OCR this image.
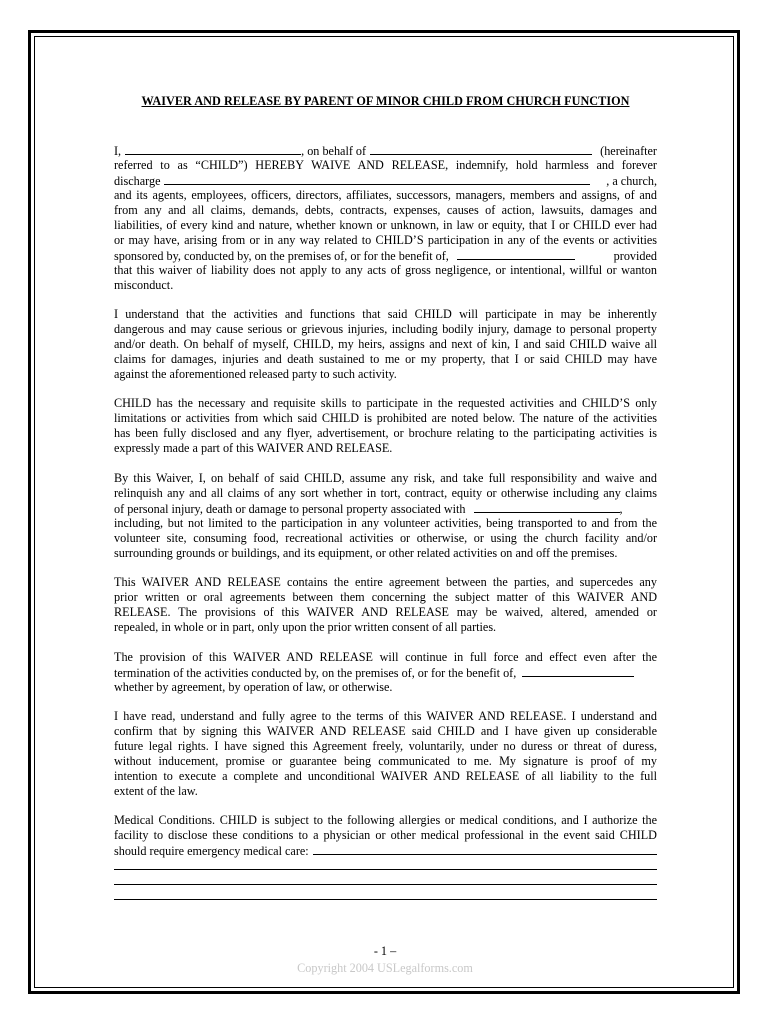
WAIVER AND RELEASE BY PARENT OF MINOR CHILD FROM CHURCH FUNCTION
I,	, on behalf of	(hereinafter
referred to as “CHILD”) HEREBY WAIVE AND RELEASE, indemnify, hold harmless and forever
discharge	, a church,
and its agents, employees, officers, directors, affiliates, successors, managers, members and assigns, of and
from any and all claims, demands, debts, contracts, expenses, causes of action, lawsuits, damages and
liabilities, of every kind and nature, whether known or unknown, in law or equity, that I or CHILD ever had
or may have, arising from or in any way related to CHILD’S participation in any of the events or activities
sponsored by, conducted by, on the premises of, or for the benefit of,	provided
that this waiver of liability does not apply to any acts of gross negligence, or intentional, willful or wanton
misconduct.
I understand that the activities and functions that said CHILD will participate in may be inherently
dangerous and may cause serious or grievous injuries, including bodily injury, damage to personal property
and/or death. On behalf of myself, CHILD, my heirs, assigns and next of kin, I and said CHILD waive all
claims for damages, injuries and death sustained to me or my property, that I or said CHILD may have
against the aforementioned released party to such activity.
CHILD has the necessary and requisite skills to participate in the requested activities and CHILD’S only
limitations or activities from which said CHILD is prohibited are noted below. The nature of the activities
has been fully disclosed and any flyer, advertisement, or brochure relating to the participating activities is
expressly made a part of this WAIVER AND RELEASE.
By this Waiver, I, on behalf of said CHILD, assume any risk, and take full responsibility and waive and
relinquish any and all claims of any sort whether in tort, contract, equity or otherwise including any claims
of personal injury, death or damage to personal property associated with	,
including, but not limited to the participation in any volunteer activities, being transported to and from the
volunteer site, consuming food, recreational activities or otherwise, or using the church facility and/or
surrounding grounds or buildings, and its equipment, or other related activities on and off the premises.
This WAIVER AND RELEASE contains the entire agreement between the parties, and supercedes any
prior written or oral agreements between them concerning the subject matter of this WAIVER AND
RELEASE. The provisions of this WAIVER AND RELEASE may be waived, altered, amended or
repealed, in whole or in part, only upon the prior written consent of all parties.
The provision of this WAIVER AND RELEASE will continue in full force and effect even after the
termination of the activities conducted by, on the premises of, or for the benefit of,
whether by agreement, by operation of law, or otherwise.
I have read, understand and fully agree to the terms of this WAIVER AND RELEASE. I understand and
confirm that by signing this WAIVER AND RELEASE said CHILD and I have given up considerable
future legal rights. I have signed this Agreement freely, voluntarily, under no duress or threat of duress,
without inducement, promise or guarantee being communicated to me. My signature is proof of my
intention to execute a complete and unconditional WAIVER AND RELEASE of all liability to the full
extent of the law.
Medical Conditions. CHILD is subject to the following allergies or medical conditions, and I authorize the
facility to disclose these conditions to a physician or other medical professional in the event said CHILD
should require emergency medical care:
- 1 –
Copyright 2004 USLegalforms.com
